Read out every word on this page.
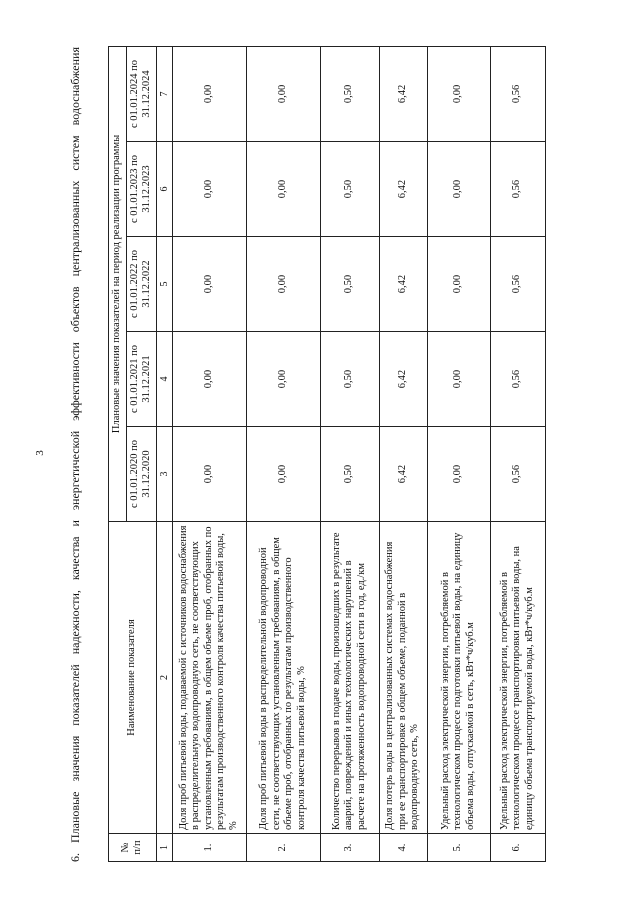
3 6. Плановые значения показателей надежности, качества и энергетической эффективности объектов централизованных систем водоснабжения	№ п/п	Наименование показателя	Плановые значения показателей на период реализации программы				
		с 01.01.2020 по 31.12.2020	с 01.01.2021 по 31.12.2021	с 01.01.2022 по 31.12.2022	с 01.01.2023 по 31.12.2023	с 01.01.2024 по 31.12.2024
1	2	3	4	5	6	7
1.	Доля проб питьевой воды, подаваемой с источников водоснабжения в распределительную водопроводную сеть, не соответствующих установленным требованиям, в общем объеме проб, отобранных по результатам производственного контроля качества питьевой воды, %	0,00	0,00	0,00	0,00	0,00
2.	Доля проб питьевой воды в распределительной водопроводной сети, не соответствующих установленным требованиям, в общем объеме проб, отобранных по результатам производственного контроля качества питьевой воды, %	0,00	0,00	0,00	0,00	0,00
3.	Количество перерывов в подаче воды, произошедших в результате аварий, повреждений и иных технологических нарушений в расчете на протяженность водопроводной сети в год, ед./км	0,50	0,50	0,50	0,50	0,50
4.	Доля потерь воды в централизованных системах водоснабжения при ее транспортировке в общем объеме, поданной в водопроводную сеть, %	6,42	6,42	6,42	6,42	6,42
5.	Удельный расход электрической энергии, потребляемой в технологическом процессе подготовки питьевой воды, на единицу объема воды, отпускаемой в сеть, кВт*ч/куб.м	0,00	0,00	0,00	0,00	0,00
6.	Удельный расход электрической энергии, потребляемой в технологическом процессе транспортировки питьевой воды, на единицу объема транспортируемой воды, кВт*ч/куб.м	0,56	0,56	0,56	0,56	0,56
